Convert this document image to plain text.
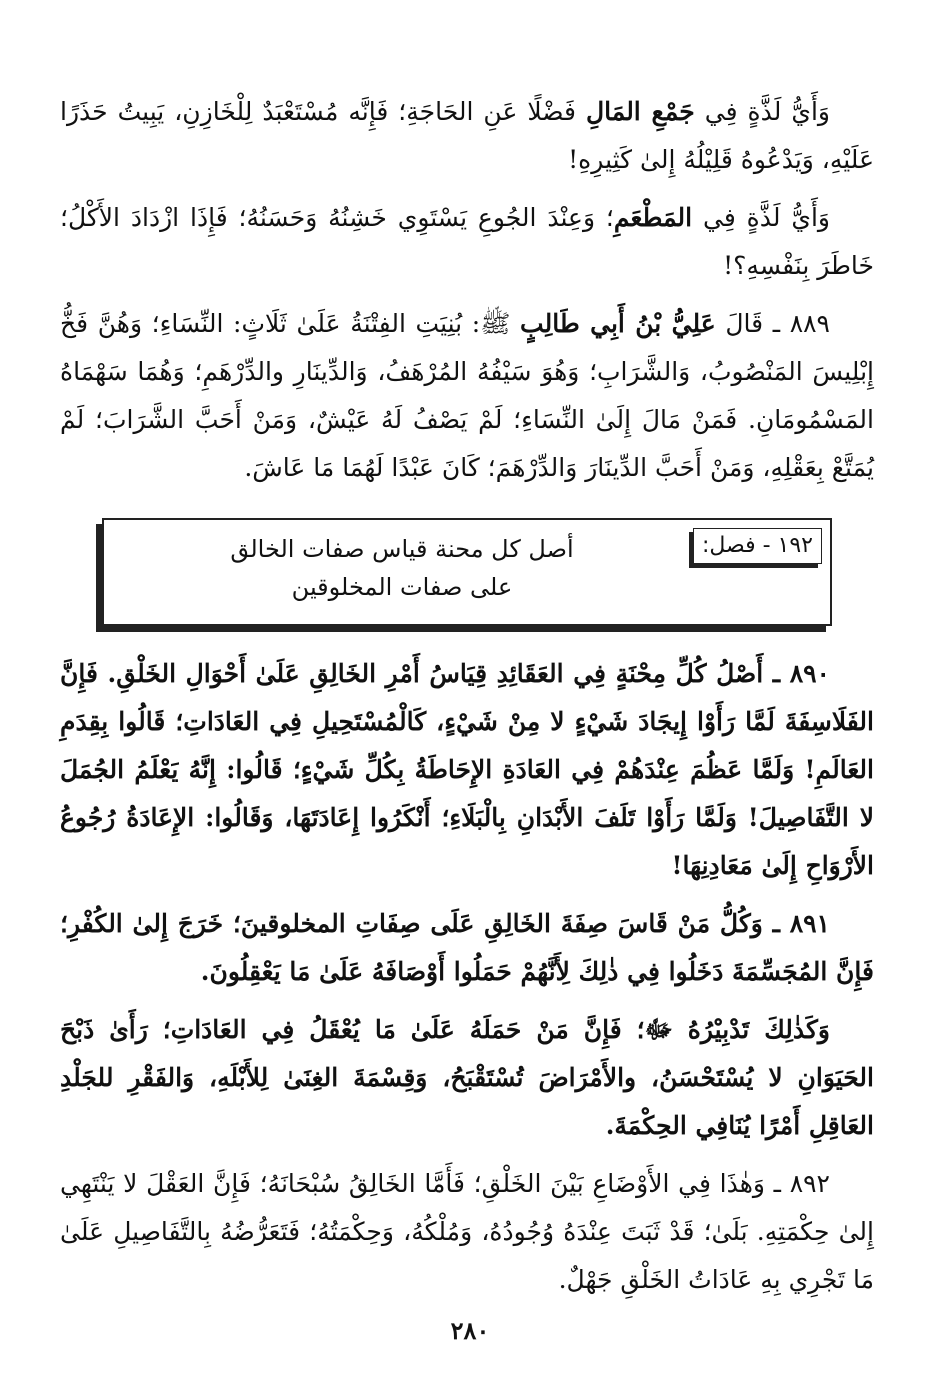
وَأَيُّ لَذَّةٍ فِي جَمْعِ المَالِ فَضْلًا عَنِ الحَاجَةِ؛ فَإِنَّه مُسْتَعْبَدٌ لِلْخَازِنِ، يَبِيتُ حَذَرًا عَلَيْهِ، وَيَدْعُوهُ قَلِيْلُهُ إِلىٰ كَثِيرِهِ!

وَأَيُّ لَذَّةٍ فِي المَطْعَمِ؛ وَعِنْدَ الجُوعِ يَسْتَوِي خَشِنُهُ وَحَسَنُهُ؛ فَإِذَا ازْدَادَ الأَكْلُ؛ خَاطَرَ بِنَفْسِهِ؟!

٨٨٩ ـ قَالَ عَلِيُّ بْنُ أَبِي طَالِبٍ ﷺ: بُنِيَتِ الفِتْنَةُ عَلَىٰ ثَلَاثٍ: النِّسَاءِ؛ وَهُنَّ فَخُّ إِبْلِيسَ المَنْصُوبُ، وَالشَّرَابِ؛ وَهُوَ سَيْفُهُ المُرْهَفُ، وَالدِّينَارِ والدِّرْهَمِ؛ وَهُمَا سَهْمَاهُ المَسْمُومَانِ. فَمَنْ مَالَ إِلَىٰ النِّسَاءِ؛ لَمْ يَصْفُ لَهُ عَيْشٌ، وَمَنْ أَحَبَّ الشَّرَابَ؛ لَمْ يُمَتَّعْ بِعَقْلِهِ، وَمَنْ أَحَبَّ الدِّينَارَ وَالدِّرْهَمَ؛ كَانَ عَبْدًا لَهُمَا مَا عَاشَ.

١٩٢ - فصل:
أصل كل محنة قياس صفات الخالق
على صفات المخلوقين

٨٩٠ ـ أَصْلُ كُلِّ مِحْنَةٍ فِي العَقَائِدِ قِيَاسُ أَمْرِ الخَالِقِ عَلَىٰ أَحْوَالِ الخَلْقِ. فَإِنَّ الفَلَاسِفَةَ لَمَّا رَأَوْا إِيجَادَ شَيْءٍ لا مِنْ شَيْءٍ، كَالْمُسْتَحِيلِ فِي العَادَاتِ؛ قَالُوا بِقِدَمِ العَالَمِ! وَلَمَّا عَظُمَ عِنْدَهُمْ فِي العَادَةِ الإِحَاطَةُ بِكُلِّ شَيْءٍ؛ قَالُوا: إِنَّهُ يَعْلَمُ الجُمَلَ لا التَّفَاصِيلَ! وَلَمَّا رَأَوْا تَلَفَ الأَبْدَانِ بِالْبَلَاءِ؛ أَنْكَرُوا إِعَادَتَهَا، وَقَالُوا: الإِعَادَةُ رُجُوعُ الأَرْوَاحِ إِلَىٰ مَعَادِنِهَا!

٨٩١ ـ وَكُلُّ مَنْ قَاسَ صِفَةَ الخَالِقِ عَلَى صِفَاتِ المخلوقينَ؛ خَرَجَ إِلىٰ الكُفْرِ؛ فَإِنَّ المُجَسِّمَةَ دَخَلُوا فِي ذٰلِكَ لِأَنَّهُمْ حَمَلُوا أَوْصَافَهُ عَلَىٰ مَا يَعْقِلُونَ.

وَكَذٰلِكَ تَدْبِيْرُهُ ﷻ؛ فَإِنَّ مَنْ حَمَلَهُ عَلَىٰ مَا يُعْقَلُ فِي العَادَاتِ؛ رَأَىٰ ذَبْحَ الحَيَوَانِ لا يُسْتَحْسَنُ، والأَمْرَاضَ تُسْتَقْبَحُ، وَقِسْمَةَ الغِنَىٰ لِلأَبْلَهِ، وَالفَقْرِ للجَلْدِ العَاقِلِ أَمْرًا يُنَافِي الحِكْمَةَ.

٨٩٢ ـ وَهٰذَا فِي الأَوْضَاعِ بَيْنَ الخَلْقِ؛ فَأَمَّا الخَالِقُ سُبْحَانَهُ؛ فَإِنَّ العَقْلَ لا يَنْتَهِي إِلىٰ حِكْمَتِهِ. بَلَىٰ؛ قَدْ ثَبَتَ عِنْدَهُ وُجُودُهُ، وَمُلْكُهُ، وَحِكْمَتُهُ؛ فَتَعَرُّضُهُ بِالتَّفَاصِيلِ عَلَىٰ مَا تَجْرِي بِهِ عَادَاتُ الخَلْقِ جَهْلٌ.

٢٨٠
